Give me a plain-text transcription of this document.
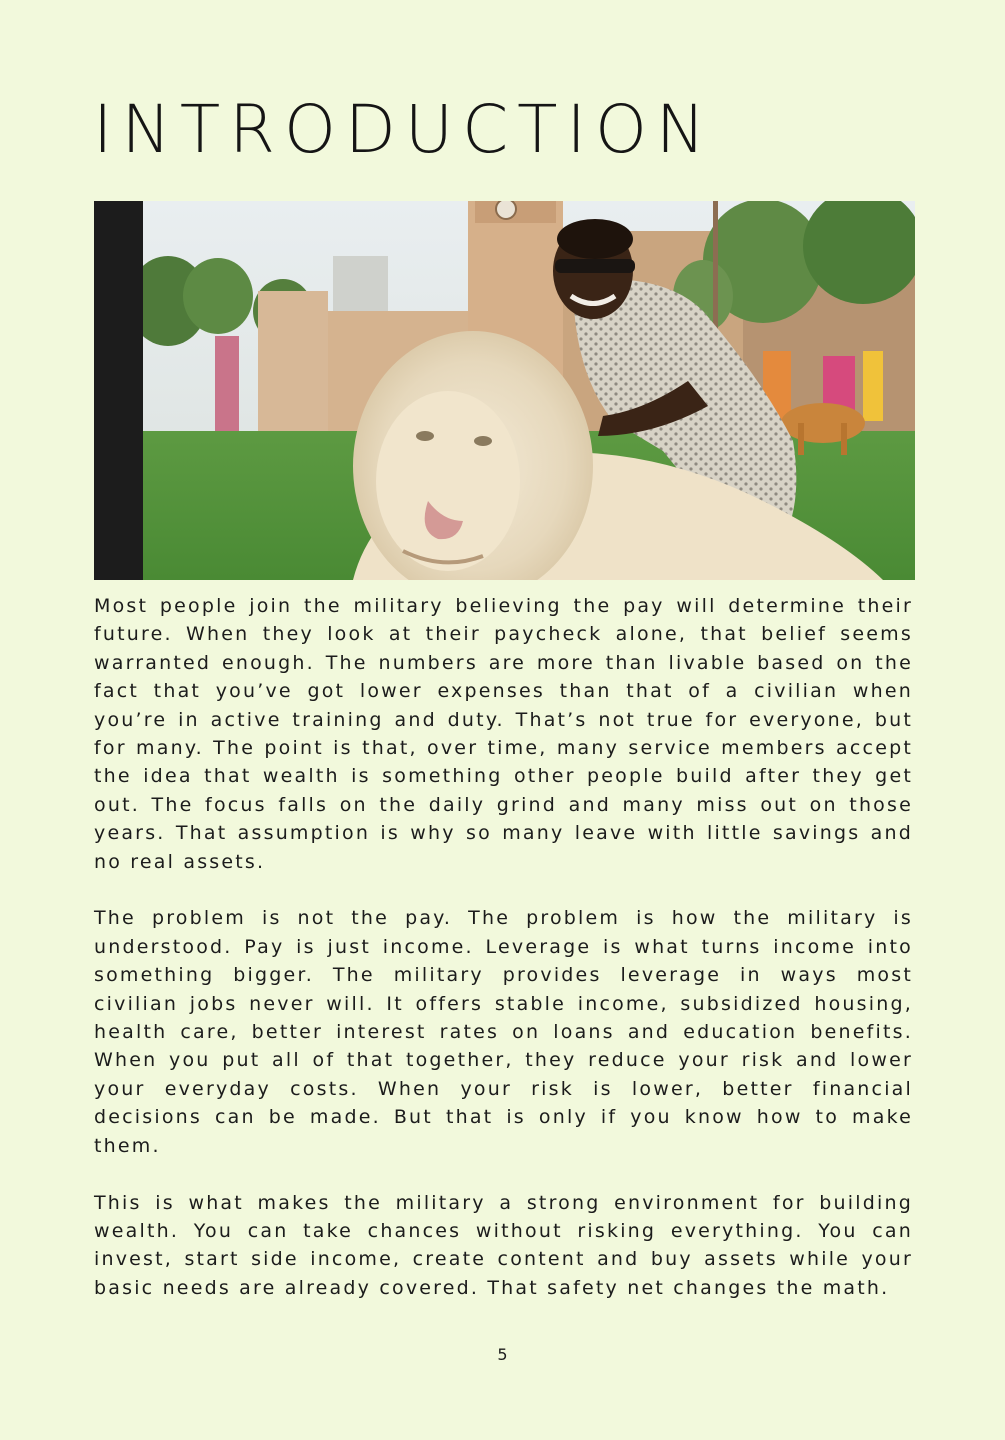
INTRODUCTION

Most people join the military believing the pay will determine their future. When they look at their paycheck alone, that belief seems warranted enough. The numbers are more than livable based on the fact that you’ve got lower expenses than that of a civilian when you’re in active training and duty. That’s not true for everyone, but for many. The point is that, over time, many service members accept the idea that wealth is something other people build after they get out. The focus falls on the daily grind and many miss out on those years. That assumption is why so many leave with little savings and no real assets.

The problem is not the pay. The problem is how the military is understood. Pay is just income. Leverage is what turns income into something bigger. The military provides leverage in ways most civilian jobs never will. It offers stable income, subsidized housing, health care, better interest rates on loans and education benefits. When you put all of that together, they reduce your risk and lower your everyday costs. When your risk is lower, better financial decisions can be made. But that is only if you know how to make them.

This is what makes the military a strong environment for building wealth. You can take chances without risking everything. You can invest, start side income, create content and buy assets while your basic needs are already covered. That safety net changes the math.

5
